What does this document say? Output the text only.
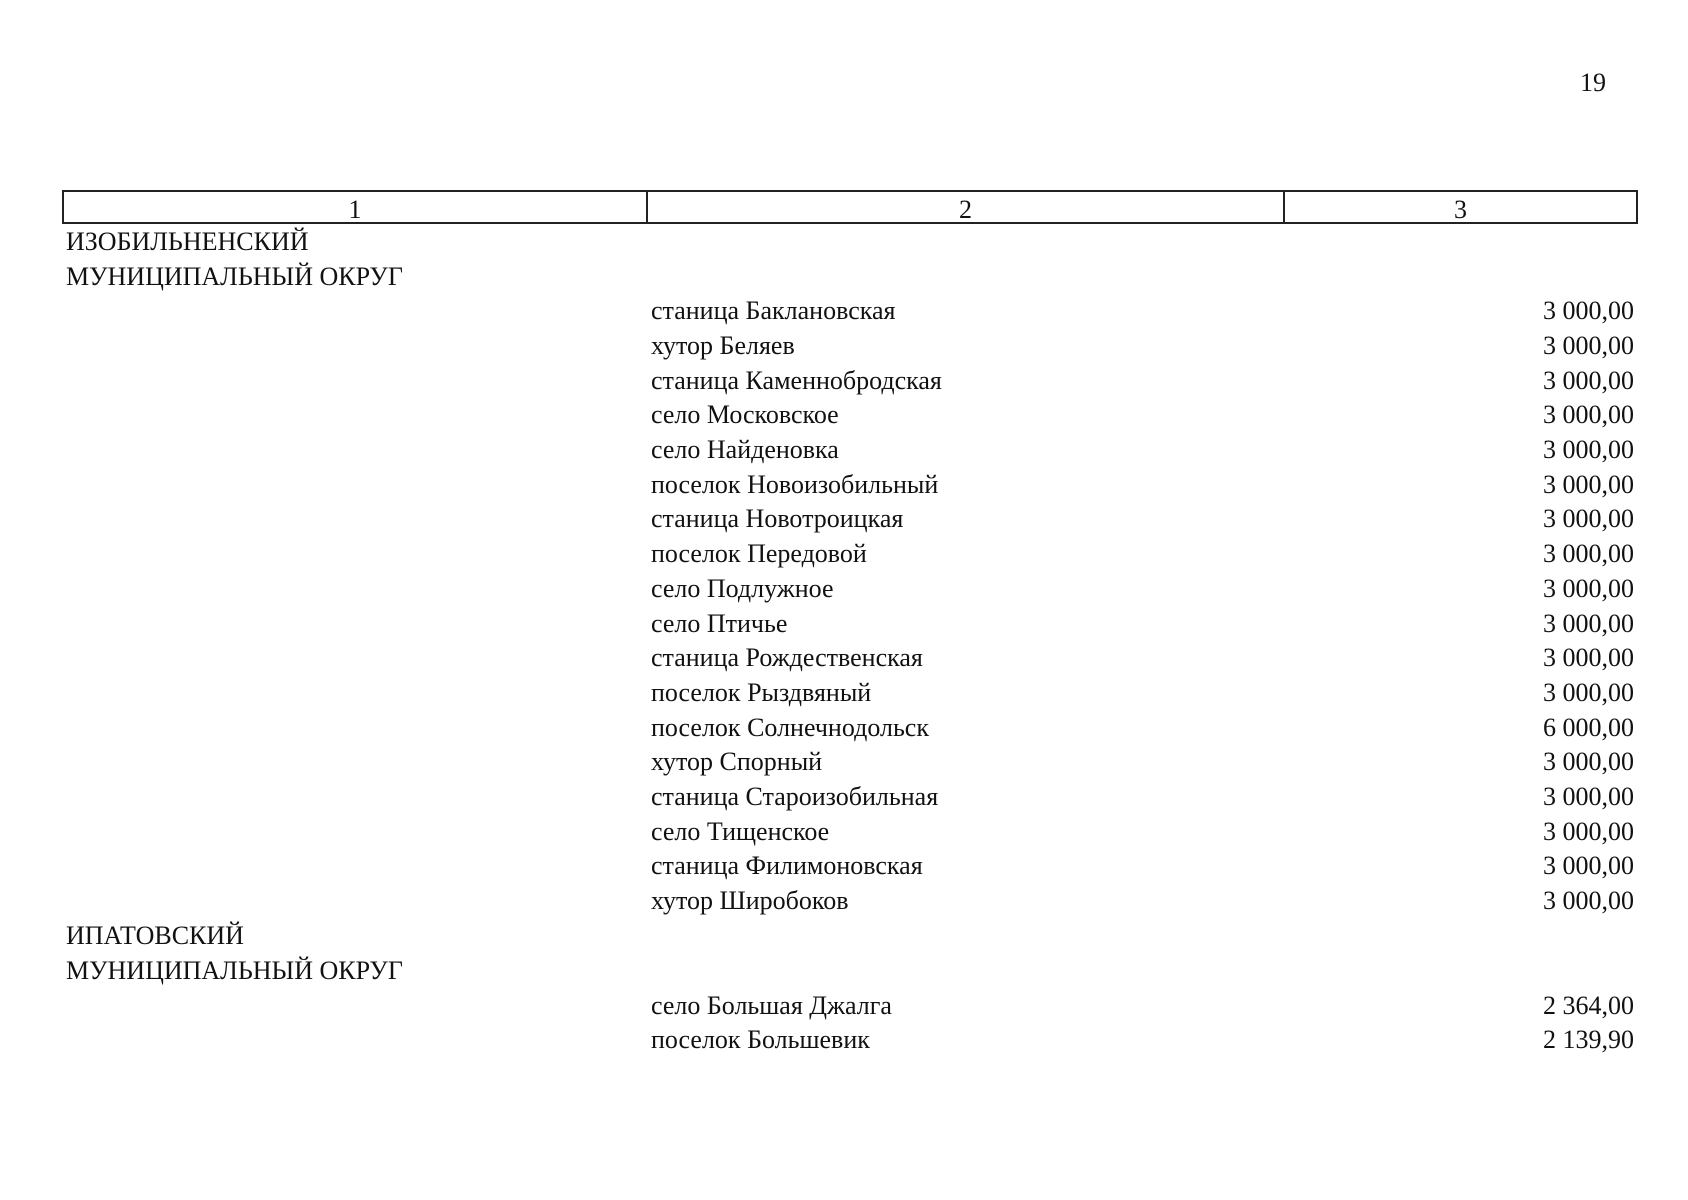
19
1	2	3
ИЗОБИЛЬНЕНСКИЙ
МУНИЦИПАЛЬНЫЙ ОКРУГ
станица Баклановская	3 000,00
хутор Беляев	3 000,00
станица Каменнобродская	3 000,00
село Московское	3 000,00
село Найденовка	3 000,00
поселок Новоизобильный	3 000,00
станица Новотроицкая	3 000,00
поселок Передовой	3 000,00
село Подлужное	3 000,00
село Птичье	3 000,00
станица Рождественская	3 000,00
поселок Рыздвяный	3 000,00
поселок Солнечнодольск	6 000,00
хутор Спорный	3 000,00
станица Староизобильная	3 000,00
село Тищенское	3 000,00
станица Филимоновская	3 000,00
хутор Широбоков	3 000,00
ИПАТОВСКИЙ
МУНИЦИПАЛЬНЫЙ ОКРУГ
село Большая Джалга	2 364,00
поселок Большевик	2 139,90
